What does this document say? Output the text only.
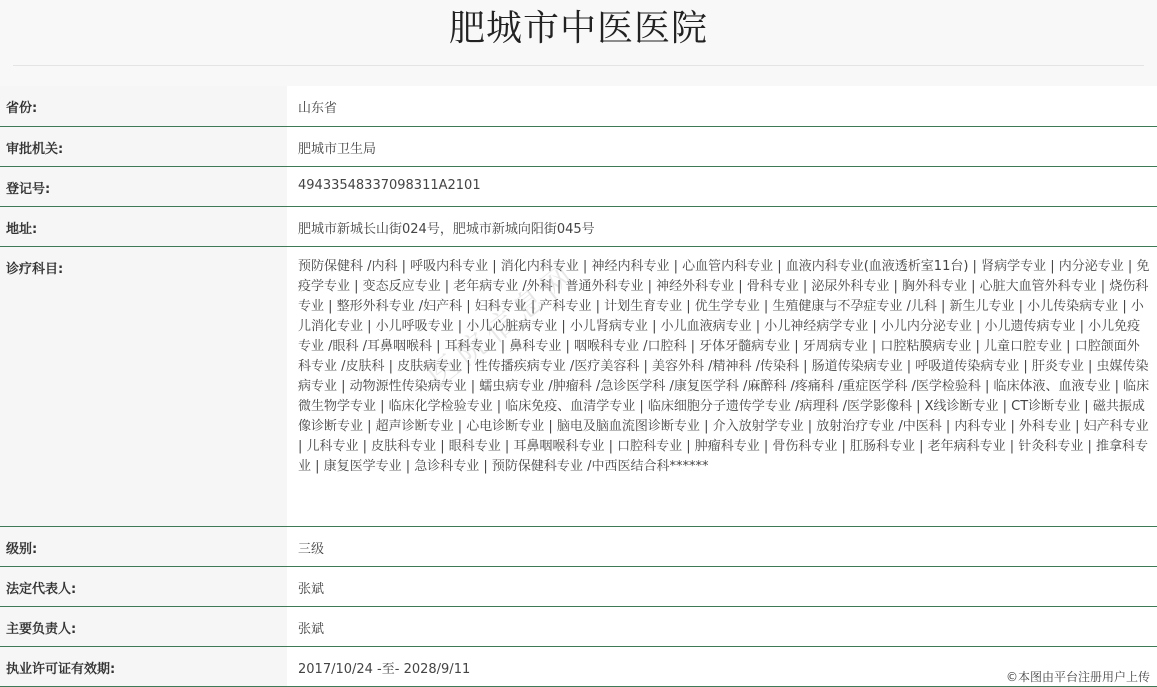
肥城市中医医院
省份:	山东省
审批机关:	肥城市卫生局
登记号:	49433548337098311A2101
地址:	肥城市新城长山街024号，肥城市新城向阳街045号
诊疗科目:	预防保健科 /内科 | 呼吸内科专业 | 消化内科专业 | 神经内科专业 | 心血管内科专业 | 血液内科专业(血液透析室11台) | 肾病学专业 | 内分泌专业 | 免疫学专业 | 变态反应专业 | 老年病专业 /外科 | 普通外科专业 | 神经外科专业 | 骨科专业 | 泌尿外科专业 | 胸外科专业 | 心脏大血管外科专业 | 烧伤科专业 | 整形外科专业 /妇产科 | 妇科专业 | 产科专业 | 计划生育专业 | 优生学专业 | 生殖健康与不孕症专业 /儿科 | 新生儿专业 | 小儿传染病专业 | 小儿消化专业 | 小儿呼吸专业 | 小儿心脏病专业 | 小儿肾病专业 | 小儿血液病专业 | 小儿神经病学专业 | 小儿内分泌专业 | 小儿遗传病专业 | 小儿免疫专业 /眼科 /耳鼻咽喉科 | 耳科专业 | 鼻科专业 | 咽喉科专业 /口腔科 | 牙体牙髓病专业 | 牙周病专业 | 口腔粘膜病专业 | 儿童口腔专业 | 口腔颌面外科专业 /皮肤科 | 皮肤病专业 | 性传播疾病专业 /医疗美容科 | 美容外科 /精神科 /传染科 | 肠道传染病专业 | 呼吸道传染病专业 | 肝炎专业 | 虫媒传染病专业 | 动物源性传染病专业 | 蠕虫病专业 /肿瘤科 /急诊医学科 /康复医学科 /麻醉科 /疼痛科 /重症医学科 /医学检验科 | 临床体液、血液专业 | 临床微生物学专业 | 临床化学检验专业 | 临床免疫、血清学专业 | 临床细胞分子遗传学专业 /病理科 /医学影像科 | X线诊断专业 | CT诊断专业 | 磁共振成像诊断专业 | 超声诊断专业 | 心电诊断专业 | 脑电及脑血流图诊断专业 | 介入放射学专业 | 放射治疗专业 /中医科 | 内科专业 | 外科专业 | 妇产科专业 | 儿科专业 | 皮肤科专业 | 眼科专业 | 耳鼻咽喉科专业 | 口腔科专业 | 肿瘤科专业 | 骨伤科专业 | 肛肠科专业 | 老年病科专业 | 针灸科专业 | 推拿科专业 | 康复医学专业 | 急诊科专业 | 预防保健科专业 /中西医结合科******
级别:	三级
法定代表人:	张斌
主要负责人:	张斌
执业许可证有效期:	2017/10/24 -至- 2028/9/11
©本图由平台注册用户上传
